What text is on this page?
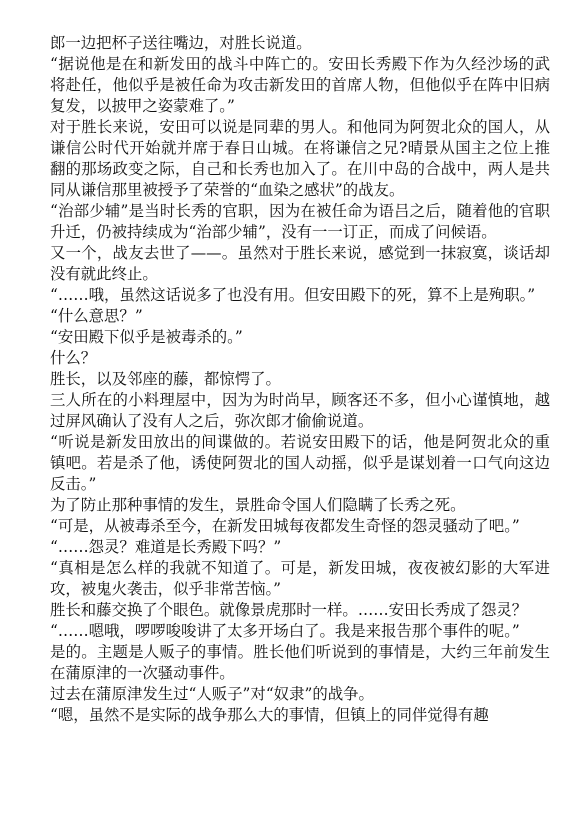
郎一边把杯子送往嘴边，对胜长说道。

“据说他是在和新发田的战斗中阵亡的。安田长秀殿下作为久经沙场的武将赴任，他似乎是被任命为攻击新发田的首席人物，但他似乎在阵中旧病复发，以披甲之姿蒙难了。”

对于胜长来说，安田可以说是同辈的男人。和他同为阿贺北众的国人，从谦信公时代开始就并席于春日山城。在将谦信之兄?晴景从国主之位上推翻的那场政变之际，自己和长秀也加入了。在川中岛的合战中，两人是共同从谦信那里被授予了荣誉的“血染之感状”的战友。

“治部少辅”是当时长秀的官职，因为在被任命为语吕之后，随着他的官职升迁，仍被持续成为“治部少辅”，没有一一订正，而成了问候语。

又一个，战友去世了——。虽然对于胜长来说，感觉到一抹寂寞，谈话却没有就此终止。

“……哦，虽然这话说多了也没有用。但安田殿下的死，算不上是殉职。”

“什么意思？”

“安田殿下似乎是被毒杀的。”

什么？

胜长，以及邻座的藤，都惊愕了。

三人所在的小料理屋中，因为为时尚早，顾客还不多，但小心谨慎地，越过屏风确认了没有人之后，弥次郎才偷偷说道。

“听说是新发田放出的间谍做的。若说安田殿下的话，他是阿贺北众的重镇吧。若是杀了他，诱使阿贺北的国人动摇，似乎是谋划着一口气向这边反击。”

为了防止那种事情的发生，景胜命令国人们隐瞒了长秀之死。

“可是，从被毒杀至今，在新发田城每夜都发生奇怪的怨灵骚动了吧。”

“……怨灵？难道是长秀殿下吗？”

“真相是怎么样的我就不知道了。可是，新发田城，夜夜被幻影的大军进攻，被鬼火袭击，似乎非常苦恼。”

胜长和藤交换了个眼色。就像景虎那时一样。……安田长秀成了怨灵？

“……嗯哦，啰啰唆唆讲了太多开场白了。我是来报告那个事件的呢。”

是的。主题是人贩子的事情。胜长他们听说到的事情是，大约三年前发生在蒲原津的一次骚动事件。

过去在蒲原津发生过“人贩子”对“奴隶”的战争。

“嗯，虽然不是实际的战争那么大的事情，但镇上的同伴觉得有趣
